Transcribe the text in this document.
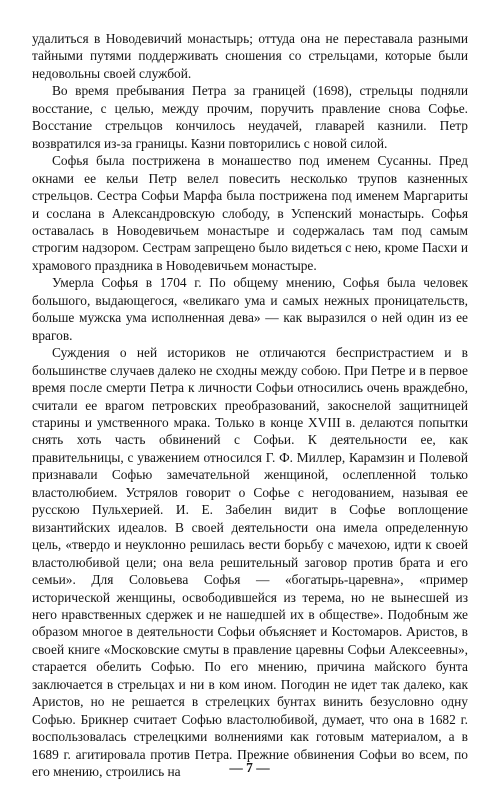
удалиться в Новодевичий монастырь; оттуда она не переставала разными тайными путями поддерживать сношения со стрельцами, которые были недовольны своей службой.

Во время пребывания Петра за границей (1698), стрельцы подняли восстание, с целью, между прочим, поручить правление снова Софье. Восстание стрельцов кончилось неудачей, главарей казнили. Петр возвратился из-за границы. Казни повторились с новой силой.

Софья была пострижена в монашество под именем Сусанны. Пред окнами ее кельи Петр велел повесить несколько трупов казненных стрельцов. Сестра Софьи Марфа была пострижена под именем Маргариты и сослана в Александровскую слободу, в Успенский монастырь. Софья оставалась в Новодевичьем монастыре и содержалась там под самым строгим надзором. Сестрам запрещено было видеться с нею, кроме Пасхи и храмового праздника в Новодевичьем монастыре.

Умерла Софья в 1704 г. По общему мнению, Софья была человек большого, выдающегося, «великаго ума и самых нежных проницательств, больше мужска ума исполненная дева» — как выразился о ней один из ее врагов.

Суждения о ней историков не отличаются беспристрастием и в большинстве случаев далеко не сходны между собою. При Петре и в первое время после смерти Петра к личности Софьи относились очень враждебно, считали ее врагом петровских преобразований, закоснелой защитницей старины и умственного мрака. Только в конце XVIII в. делаются попытки снять хоть часть обвинений с Софьи. К деятельности ее, как правительницы, с уважением относился Г. Ф. Миллер, Карамзин и Полевой признавали Софью замечательной женщиной, ослепленной только властолюбием. Устрялов говорит о Софье с негодованием, называя ее русскою Пульхерией. И. Е. Забелин видит в Софье воплощение византийских идеалов. В своей деятельности она имела определенную цель, «твердо и неуклонно решилась вести борьбу с мачехою, идти к своей властолюбивой цели; она вела решительный заговор против брата и его семьи». Для Соловьева Софья — «богатырь-царевна», «пример исторической женщины, освободившейся из терема, но не вынесшей из него нравственных сдержек и не нашедшей их в обществе». Подобным же образом многое в деятельности Софьи объясняет и Костомаров. Аристов, в своей книге «Московские смуты в правление царевны Софьи Алексеевны», старается обелить Софью. По его мнению, причина майского бунта заключается в стрельцах и ни в ком ином. Погодин не идет так далеко, как Аристов, но не решается в стрелецких бунтах винить безусловно одну Софью. Брикнер считает Софью властолюбивой, думает, что она в 1682 г. воспользовалась стрелецкими волнениями как готовым материалом, а в 1689 г. агитировала против Петра. Прежние обвинения Софьи во всем, по его мнению, строились на	— 7 —
